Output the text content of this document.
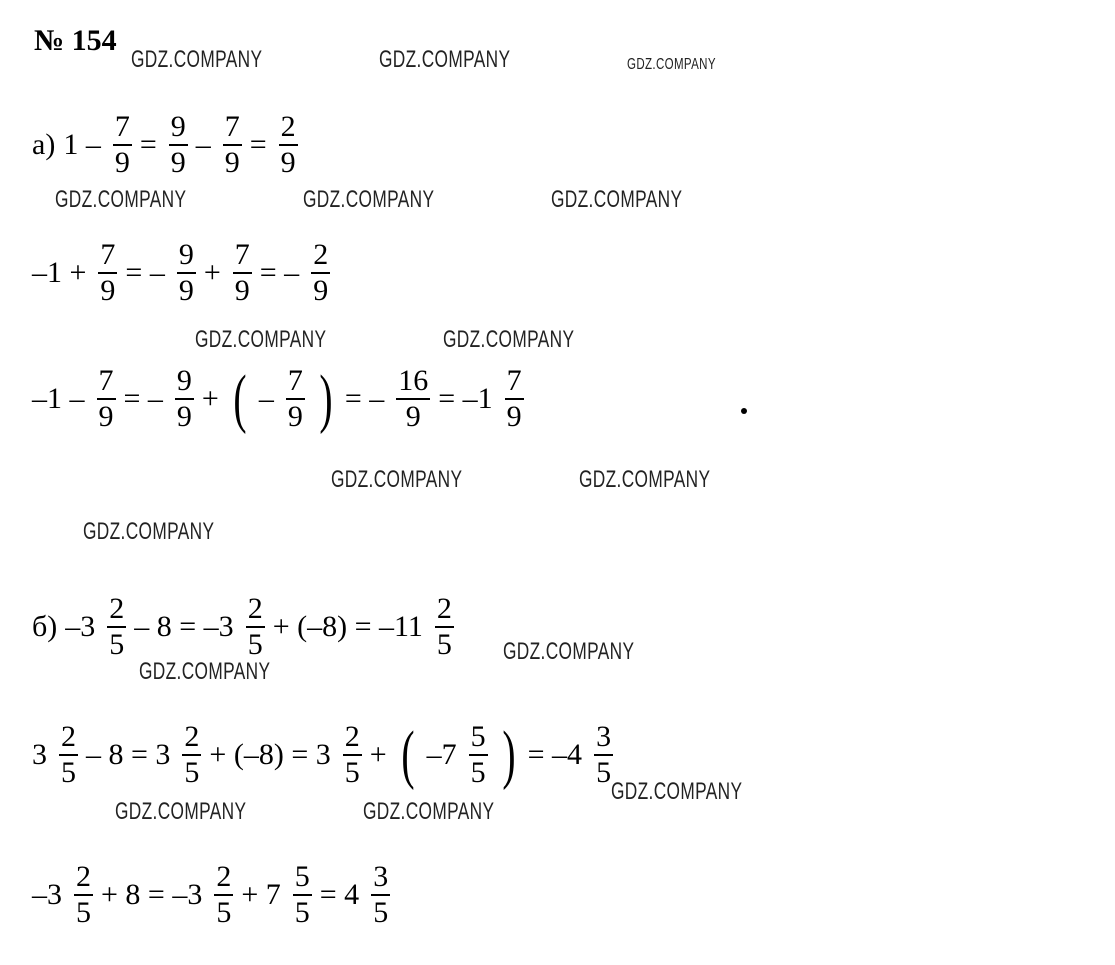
№ 154
GDZ.COMPANY	GDZ.COMPANY	GDZ.COMPANY
GDZ.COMPANY	GDZ.COMPANY	GDZ.COMPANY
GDZ.COMPANY	GDZ.COMPANY
GDZ.COMPANY	GDZ.COMPANY
GDZ.COMPANY
GDZ.COMPANY
GDZ.COMPANY
GDZ.COMPANY
GDZ.COMPANY	GDZ.COMPANY
а) $1 - \frac{7}{9} = \frac{9}{9} - \frac{7}{9} = \frac{2}{9}$
$-1 + \frac{7}{9}$ = – $\frac{9}{9} + \frac{7}{9}$ = – $\frac{2}{9}$
$-1 - \frac{7}{9}$ = – $\frac{9}{9}$ + ( – $\frac{7}{9}$ ) = – $\frac{16}{9} = -1 \frac{7}{9}$
б) $-3 \frac{2}{5} - 8 = -3 \frac{2}{5} + (-8) = -11 \frac{2}{5}$
$3 \frac{2}{5} - 8 = 3 \frac{2}{5} + (-8) = 3 \frac{2}{5}$ + ( $-7 \frac{5}{5}$ ) = $-4 \frac{3}{5}$
$-3 \frac{2}{5} + 8 = -3 \frac{2}{5} + 7 \frac{5}{5} = 4 \frac{3}{5}$
